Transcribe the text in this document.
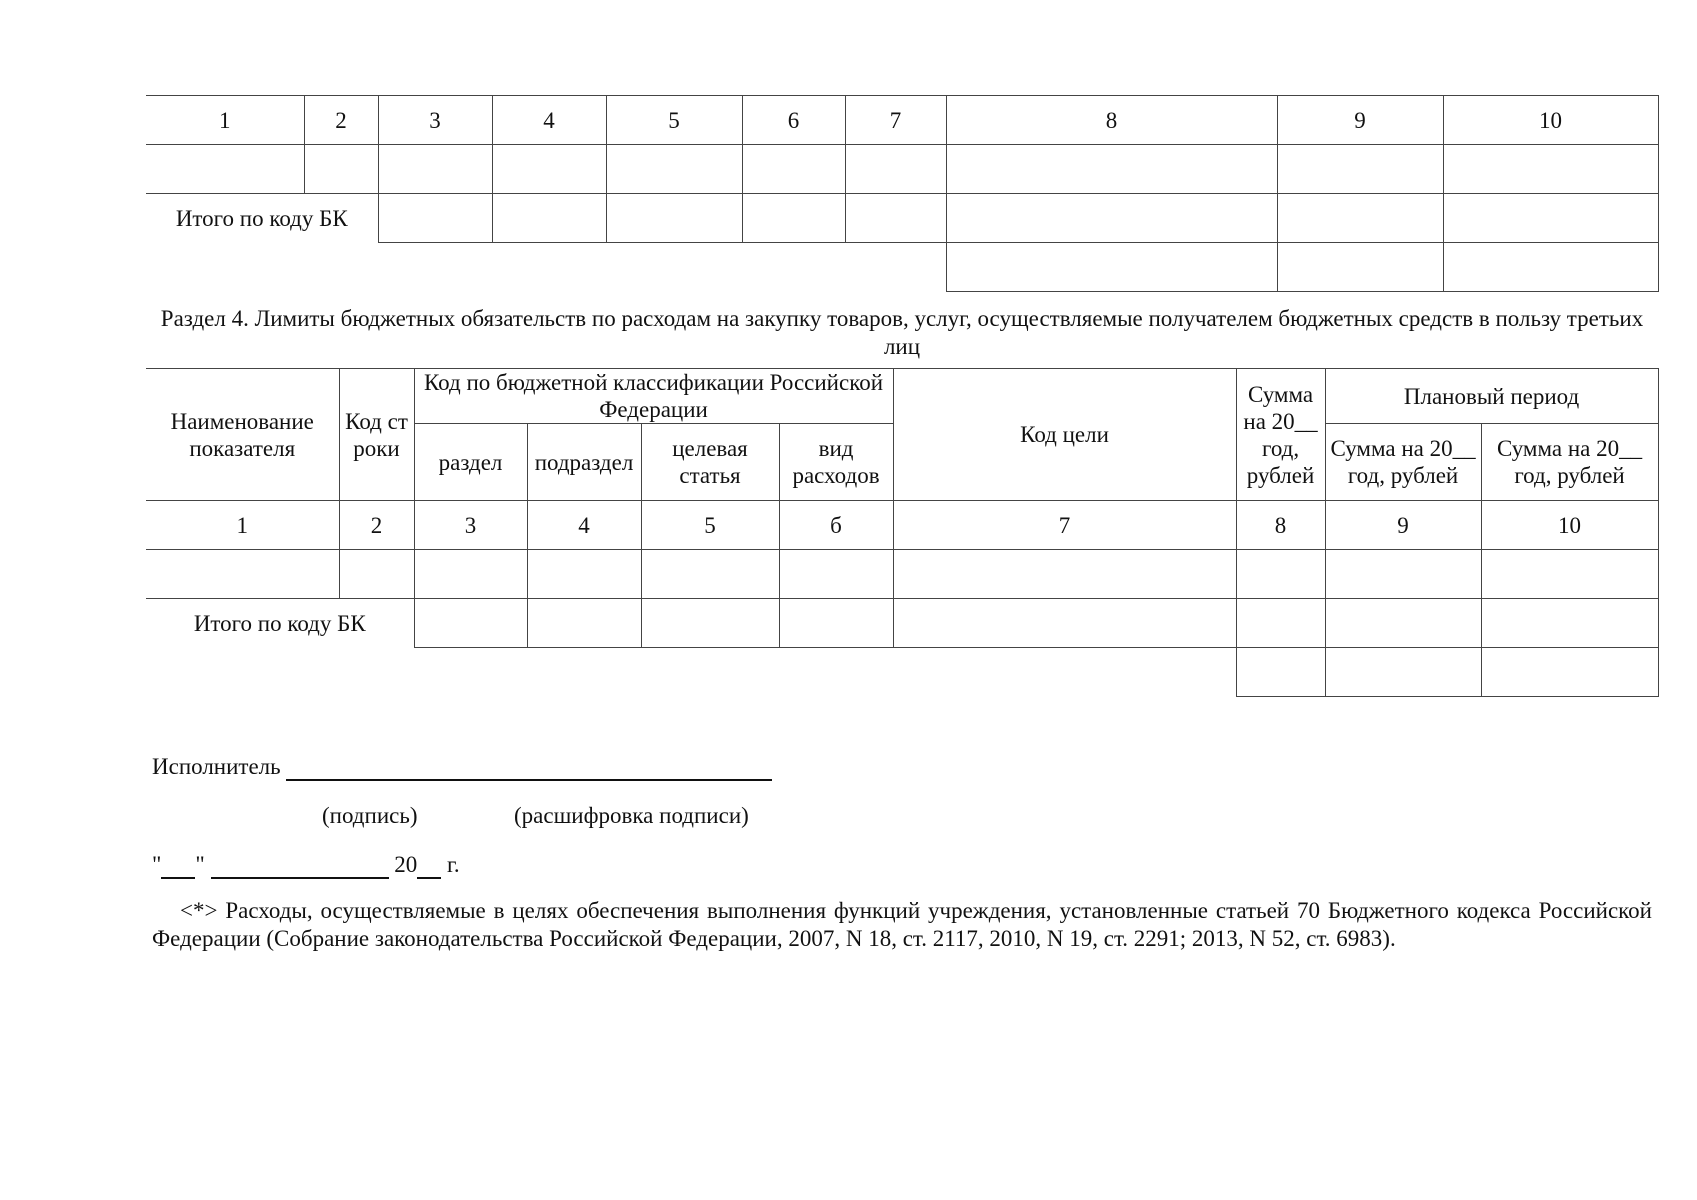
1	2	3	4	5	6	7	8	9	10

Итого по коду БК									

Раздел 4. Лимиты бюджетных обязательств по расходам на закупку товаров, услуг, осуществляемые получателем бюджетных средств в пользу третьих лиц
Наименование показателя	Код строки	Код по бюджетной классификации Российской Федерации				Код цели	Сумма на 20__ год, рублей	Плановый период	
		раздел	подраздел	целевая статья	вид расходов			Сумма на 20__ год, рублей	Сумма на 20__ год, рублей
1	2	3	4	5	б	7	8	9	10

Итого по коду БК									

Исполнитель
(подпись)	(расшифровка подписи)
" "	20 г.
<*> Расходы, осуществляемые в целях обеспечения выполнения функций учреждения, установленные статьей 70 Бюджетного кодекса Российской Федерации (Собрание законодательства Российской Федерации, 2007, N 18, ст. 2117, 2010, N 19, ст. 2291; 2013, N 52, ст. 6983).
